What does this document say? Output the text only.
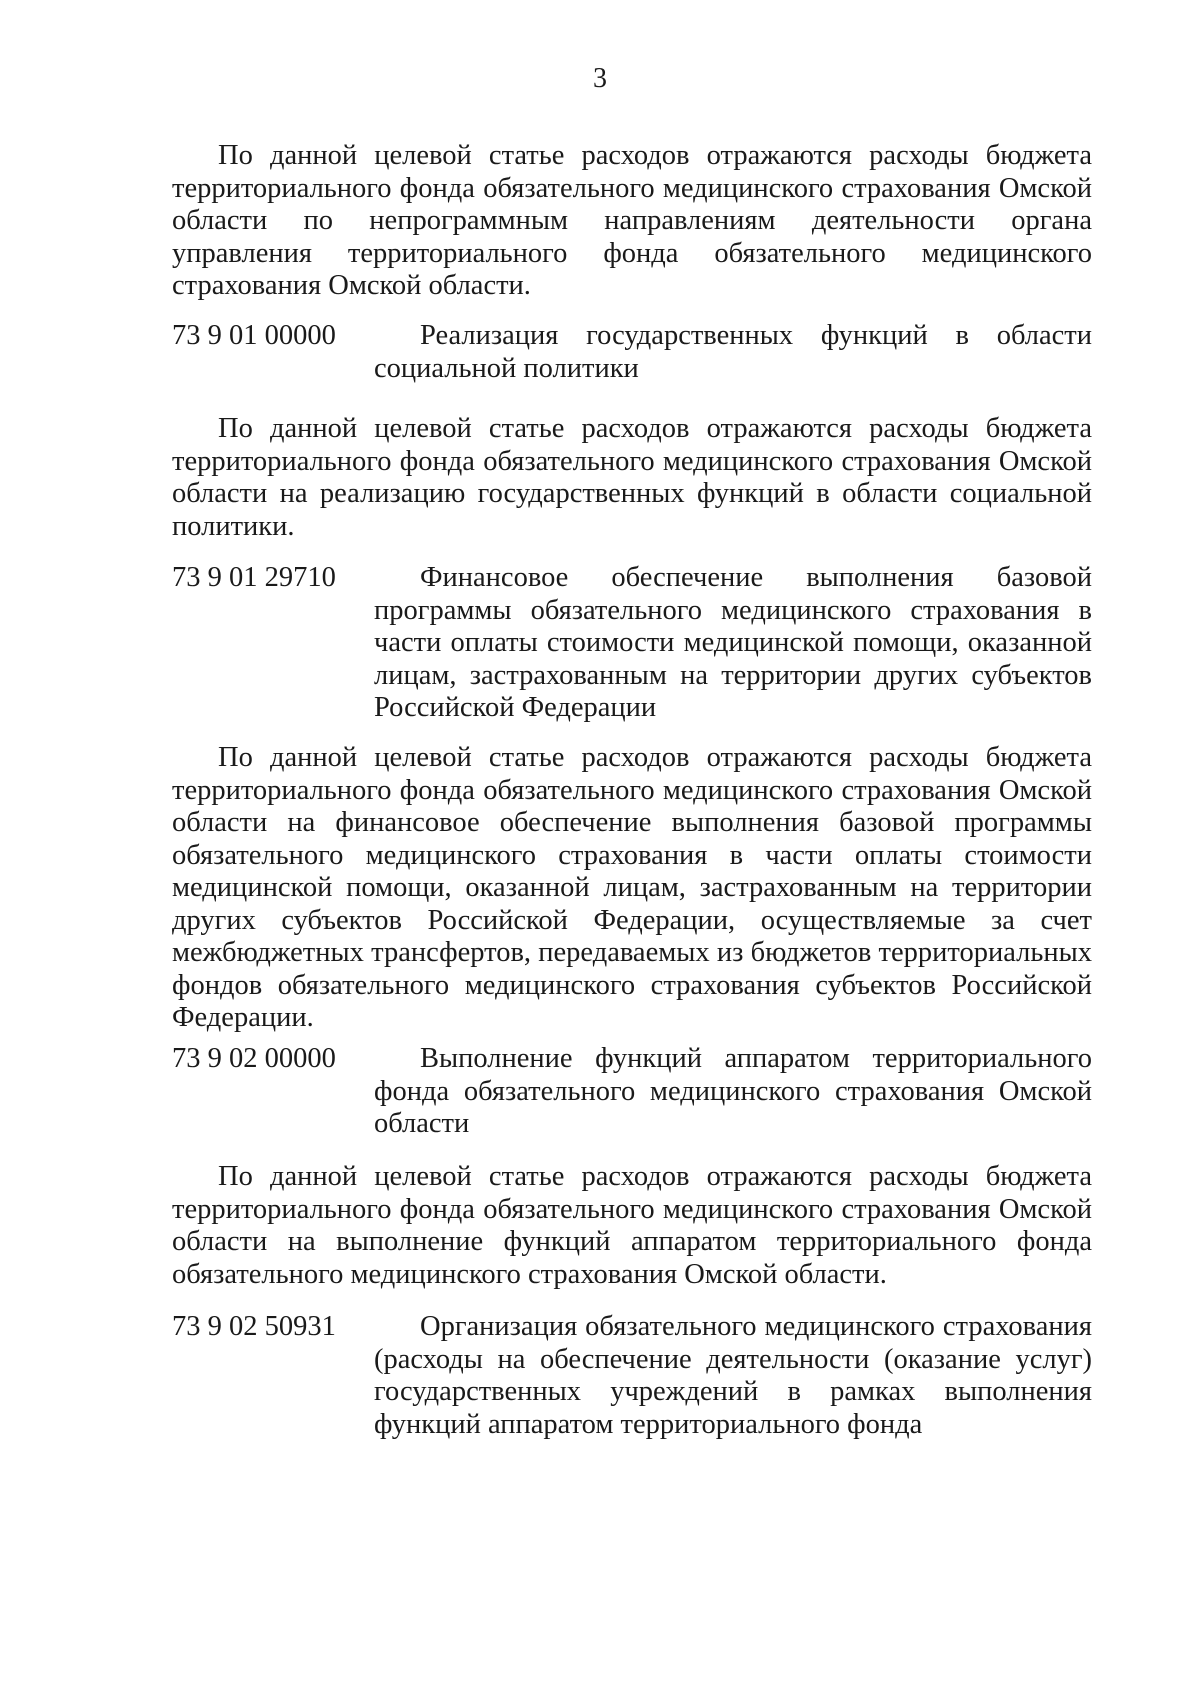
3

По данной целевой статье расходов отражаются расходы бюджета территориального фонда обязательного медицинского страхования Омской области по непрограммным направлениям деятельности органа управления территориального фонда обязательного медицинского страхования Омской области.

73 9 01 00000	Реализация государственных функций в области социальной политики

По данной целевой статье расходов отражаются расходы бюджета территориального фонда обязательного медицинского страхования Омской области на реализацию государственных функций в области социальной политики.

73 9 01 29710	Финансовое обеспечение выполнения базовой программы обязательного медицинского страхования в части оплаты стоимости медицинской помощи, оказанной лицам, застрахованным на территории других субъектов Российской Федерации

По данной целевой статье расходов отражаются расходы бюджета территориального фонда обязательного медицинского страхования Омской области на финансовое обеспечение выполнения базовой программы обязательного медицинского страхования в части оплаты стоимости медицинской помощи, оказанной лицам, застрахованным на территории других субъектов Российской Федерации, осуществляемые за счет межбюджетных трансфертов, передаваемых из бюджетов территориальных фондов обязательного медицинского страхования субъектов Российской Федерации.

73 9 02 00000	Выполнение функций аппаратом территориального фонда обязательного медицинского страхования Омской области

По данной целевой статье расходов отражаются расходы бюджета территориального фонда обязательного медицинского страхования Омской области на выполнение функций аппаратом территориального фонда обязательного медицинского страхования Омской области.

73 9 02 50931	Организация обязательного медицинского страхования (расходы на обеспечение деятельности (оказание услуг) государственных учреждений в рамках выполнения функций аппаратом территориального фонда
